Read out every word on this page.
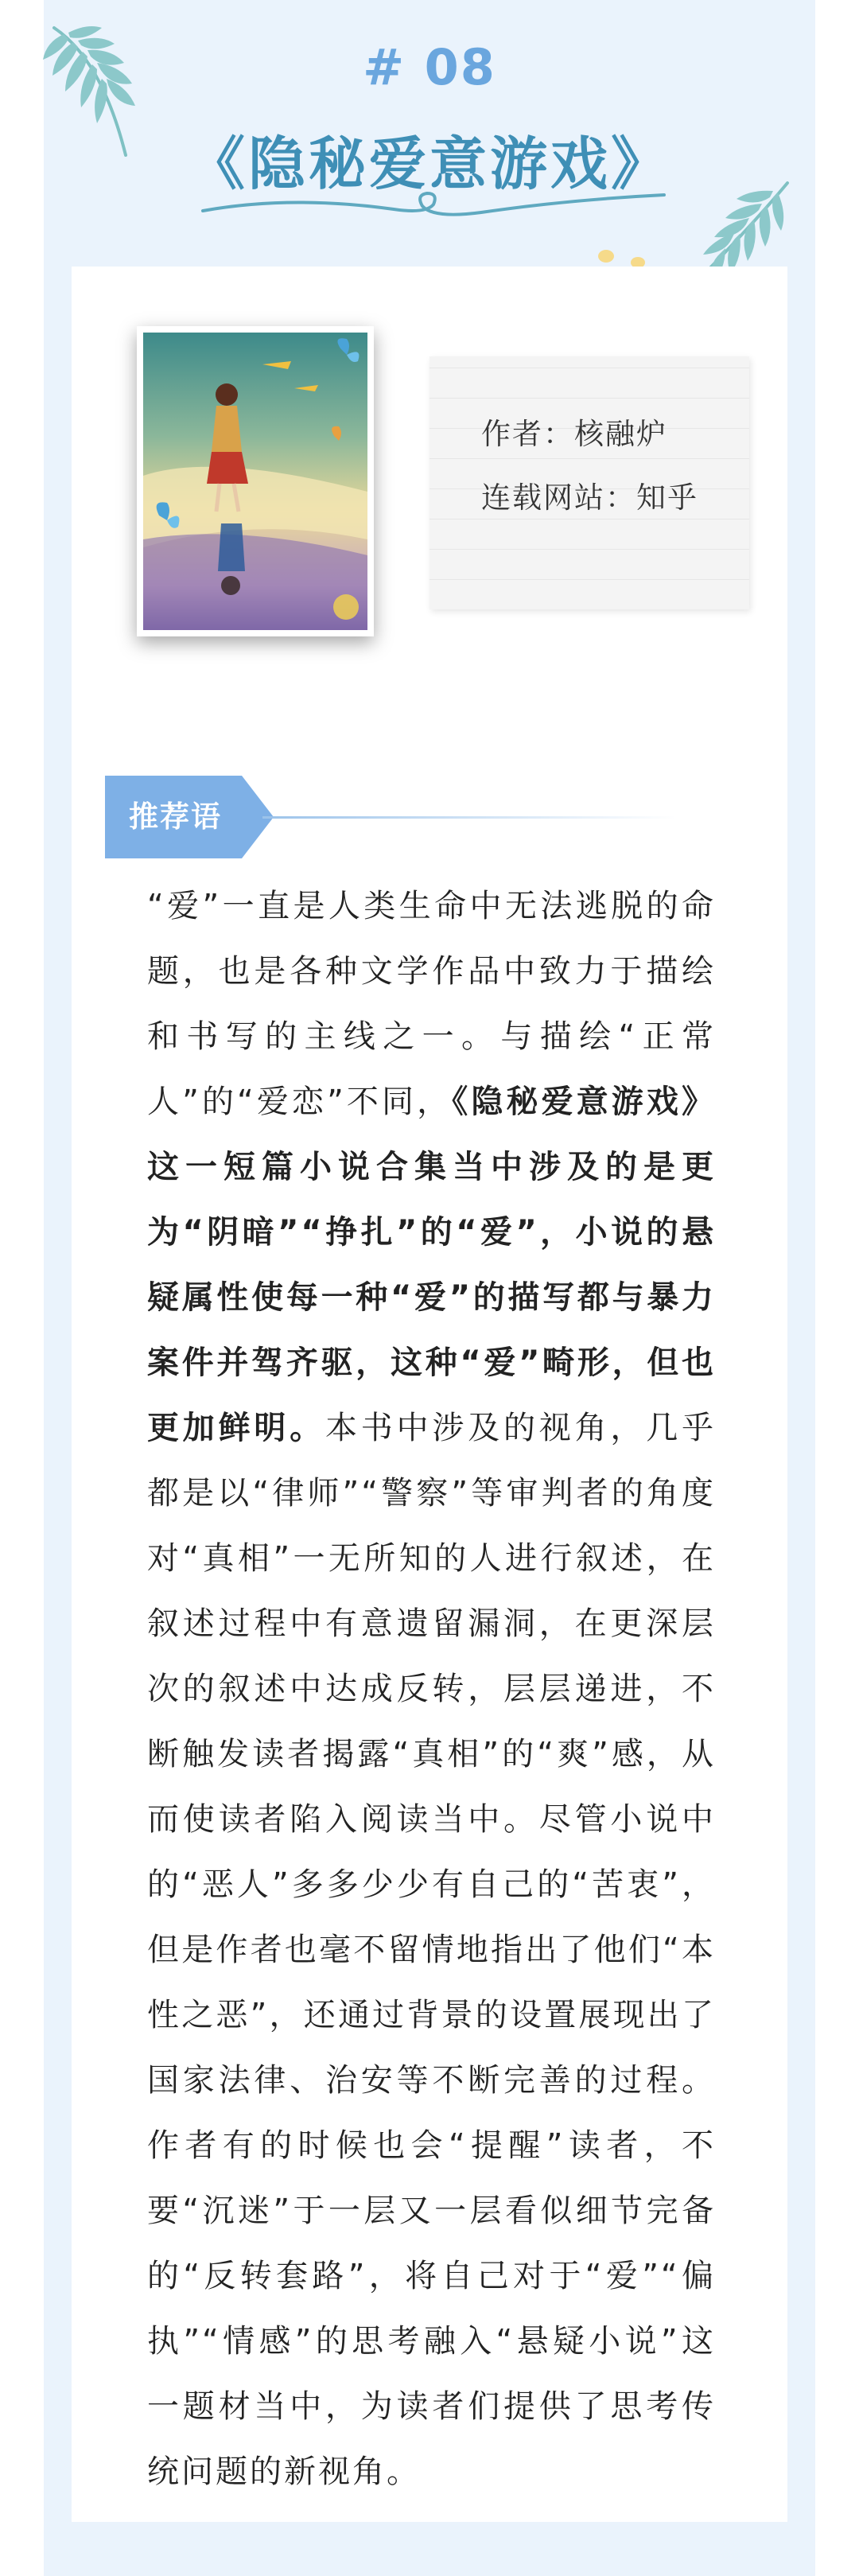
# 08
《隐秘爱意游戏》
作者：核融炉
连载网站：知乎
推荐语
“爱”一直是人类生命中无法逃脱的命题，也是各种文学作品中致力于描绘和书写的主线之一。与描绘“正常人”的“爱恋”不同，《隐秘爱意游戏》这一短篇小说合集当中涉及的是更为“阴暗”“挣扎”的“爱”，小说的悬疑属性使每一种“爱”的描写都与暴力案件并驾齐驱，这种“爱”畸形，但也更加鲜明。本书中涉及的视角，几乎都是以“律师”“警察”等审判者的角度对“真相”一无所知的人进行叙述，在叙述过程中有意遗留漏洞，在更深层次的叙述中达成反转，层层递进，不断触发读者揭露“真相”的“爽”感，从而使读者陷入阅读当中。尽管小说中的“恶人”多多少少有自己的“苦衷”，但是作者也毫不留情地指出了他们“本性之恶”，还通过背景的设置展现出了国家法律、治安等不断完善的过程。作者有的时候也会“提醒”读者，不要“沉迷”于一层又一层看似细节完备的“反转套路”，将自己对于“爱”“偏执”“情感”的思考融入“悬疑小说”这一题材当中，为读者们提供了思考传统问题的新视角。
